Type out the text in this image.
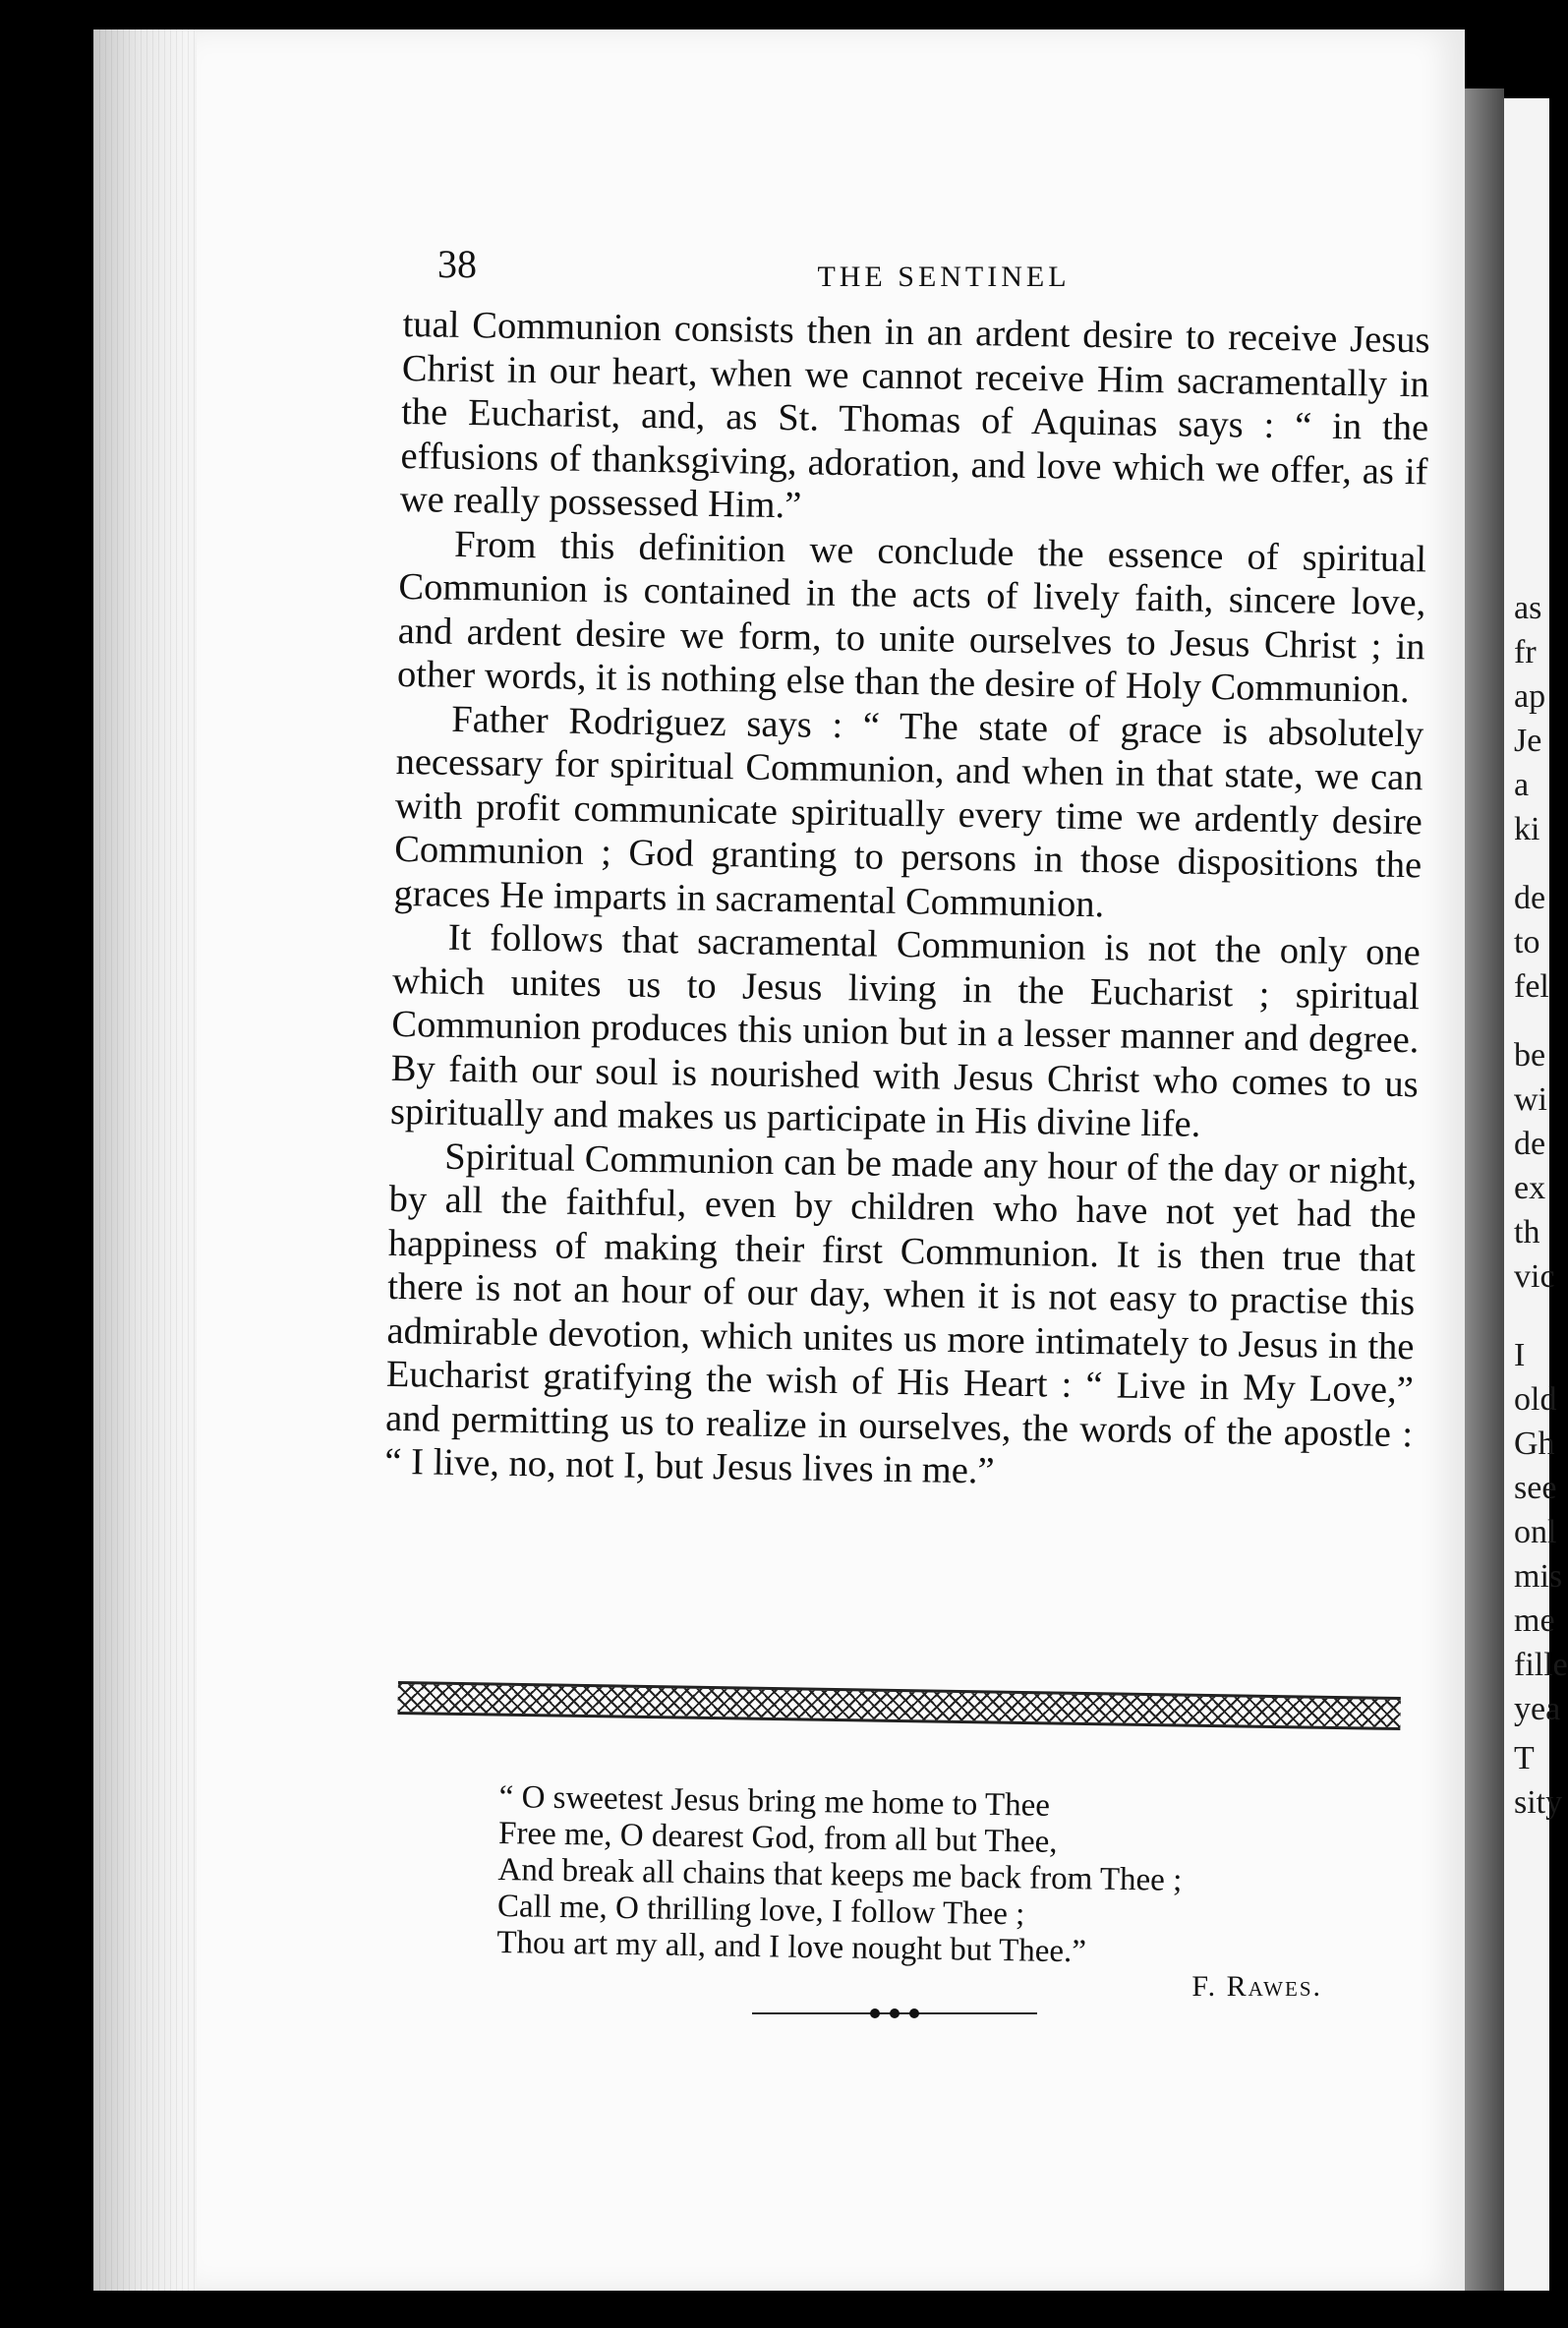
as
fr
ap
Je
a
ki
de
to
fel
be
wi
de
ex
th
vic
I
old
Gh
see
onl
mis
me
fille
yea
T
sity
38	THE SENTINEL

tual Communion consists then in an ardent desire to receive Jesus Christ in our heart, when we cannot receive Him sacramentally in the Eucharist, and, as St. Thomas of Aquinas says : “ in the effusions of thanksgiving, adoration, and love which we offer, as if we really possessed Him.”

From this definition we conclude the essence of spiritual Communion is contained in the acts of lively faith, sincere love, and ardent desire we form, to unite ourselves to Jesus Christ ; in other words, it is nothing else than the desire of Holy Communion.

Father Rodriguez says : “ The state of grace is absolutely necessary for spiritual Communion, and when in that state, we can with profit communicate spiritually every time we ardently desire Communion ; God granting to persons in those dispositions the graces He imparts in sacramental Communion.

It follows that sacramental Communion is not the only one which unites us to Jesus living in the Eucharist ; spiritual Communion produces this union but in a lesser manner and degree. By faith our soul is nourished with Jesus Christ who comes to us spiritually and makes us participate in His divine life.

Spiritual Communion can be made any hour of the day or night, by all the faithful, even by children who have not yet had the happiness of making their first Communion. It is then true that there is not an hour of our day, when it is not easy to practise this admirable devotion, which unites us more intimately to Jesus in the Eucharist gratifying the wish of His Heart : “ Live in My Love,” and permitting us to realize in ourselves, the words of the apostle : “ I live, no, not I, but Jesus lives in me.”

“ O sweetest Jesus bring me home to Thee
Free me, O dearest God, from all but Thee,
And break all chains that keeps me back from Thee ;
Call me, O thrilling love, I follow Thee ;
Thou art my all, and I love nought but Thee.”
F. Rawes.
